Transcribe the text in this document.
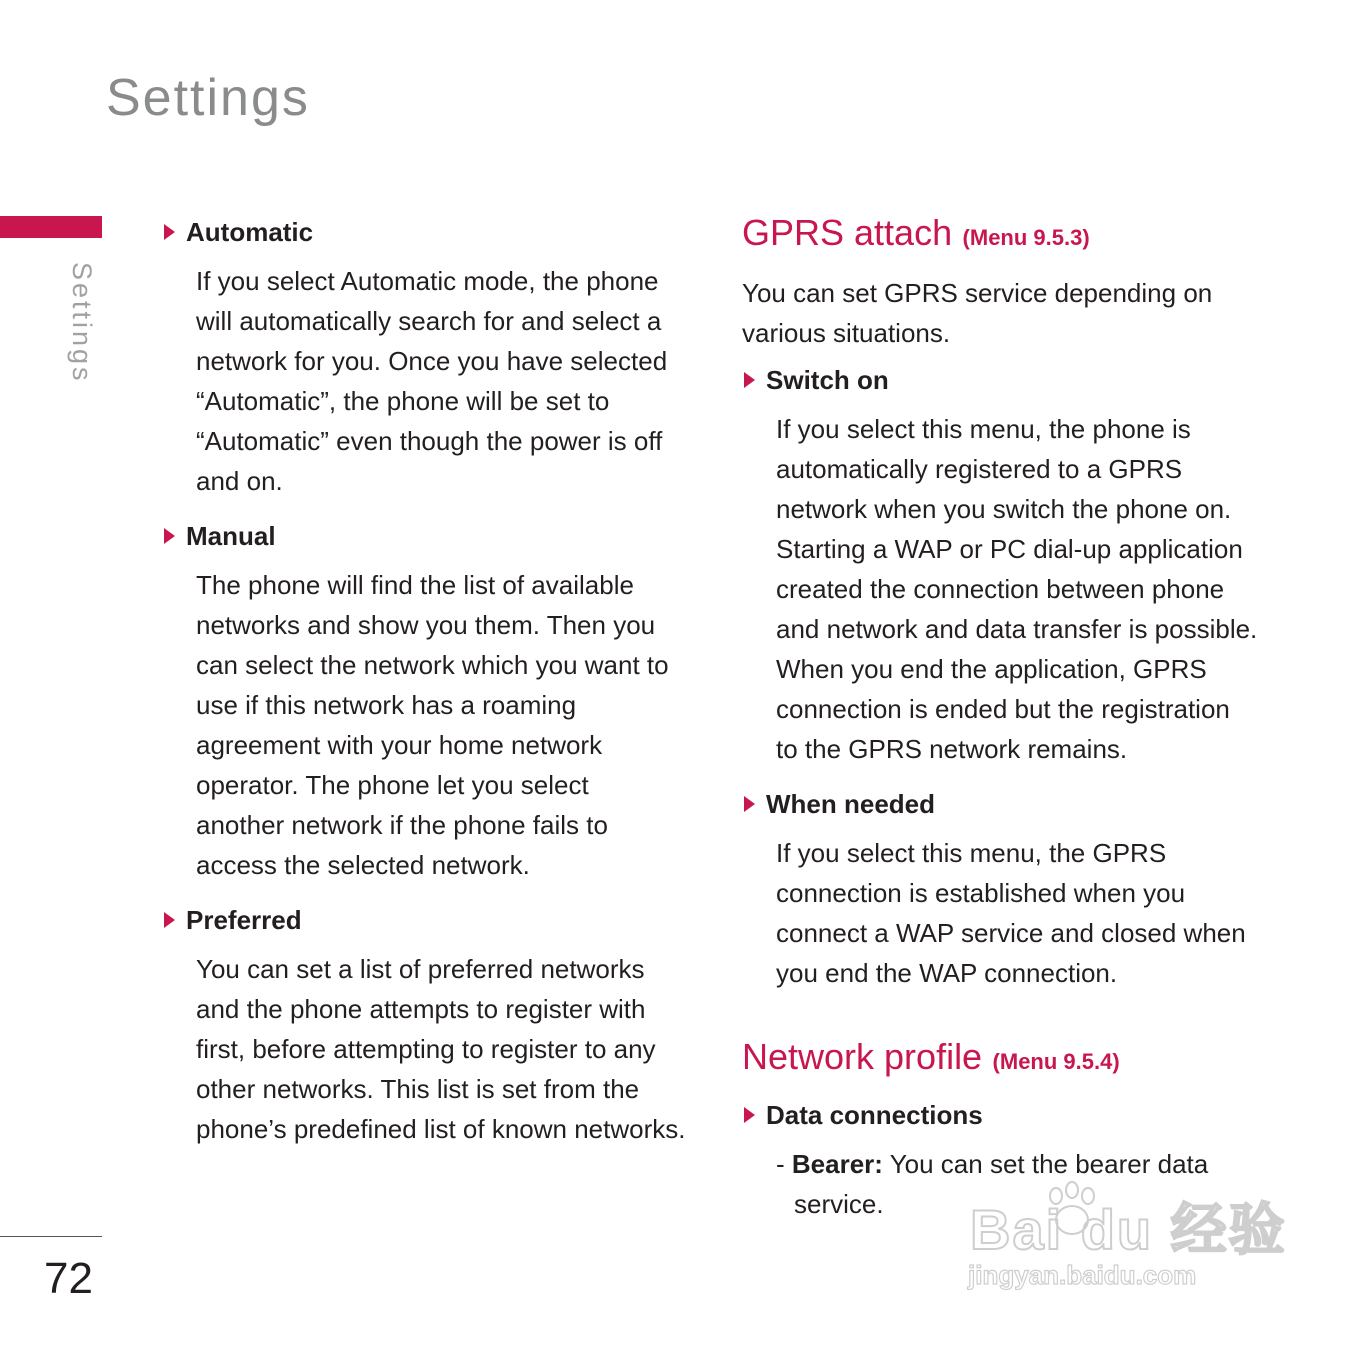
Settings
Settings
Automatic
If you select Automatic mode, the phone
will automatically search for and select a
network for you. Once you have selected
“Automatic”, the phone will be set to
“Automatic” even though the power is off
and on.
Manual
The phone will find the list of available
networks and show you them. Then you
can select the network which you want to
use if this network has a roaming
agreement with your home network
operator. The phone let you select
another network if the phone fails to
access the selected network.
Preferred
You can set a list of preferred networks
and the phone attempts to register with
first, before attempting to register to any
other networks. This list is set from the
phone’s predefined list of known networks.
GPRS attach (Menu 9.5.3)
You can set GPRS service depending on
various situations.
Switch on
If you select this menu, the phone is
automatically registered to a GPRS
network when you switch the phone on.
Starting a WAP or PC dial-up application
created the connection between phone
and network and data transfer is possible.
When you end the application, GPRS
connection is ended but the registration
to the GPRS network remains.
When needed
If you select this menu, the GPRS
connection is established when you
connect a WAP service and closed when
you end the WAP connection.
Network profile (Menu 9.5.4)
Data connections
- Bearer: You can set the bearer data
service.
72
Bai du 经验
jingyan.baidu.com
